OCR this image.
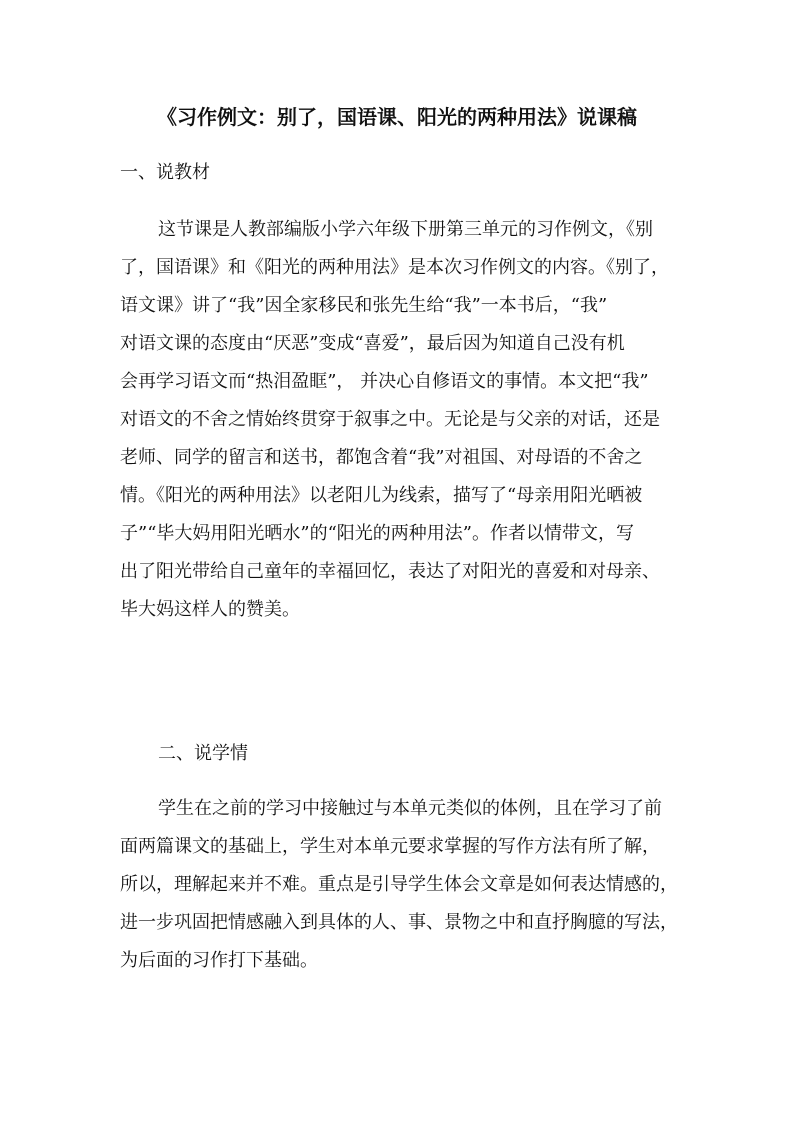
《习作例文：别了，国语课、阳光的两种用法》说课稿
一、说教材
这节课是人教部编版小学六年级下册第三单元的习作例文，《别
了，国语课》和《阳光的两种用法》是本次习作例文的内容。《别了，
语文课》讲了“我”因全家移民和张先生给“我”一本书后，“我”
对语文课的态度由“厌恶”变成“喜爱”，最后因为知道自己没有机
会再学习语文而“热泪盈眶”， 并决心自修语文的事情。本文把“我”
对语文的不舍之情始终贯穿于叙事之中。无论是与父亲的对话，还是
老师、同学的留言和送书，都饱含着“我”对祖国、对母语的不舍之
情。《阳光的两种用法》以老阳儿为线索，描写了“母亲用阳光晒被
子”“毕大妈用阳光晒水”的“阳光的两种用法”。作者以情带文，写
出了阳光带给自己童年的幸福回忆，表达了对阳光的喜爱和对母亲、
毕大妈这样人的赞美。
二、说学情
学生在之前的学习中接触过与本单元类似的体例，且在学习了前
面两篇课文的基础上，学生对本单元要求掌握的写作方法有所了解，
所以，理解起来并不难。重点是引导学生体会文章是如何表达情感的，
进一步巩固把情感融入到具体的人、事、景物之中和直抒胸臆的写法，
为后面的习作打下基础。
